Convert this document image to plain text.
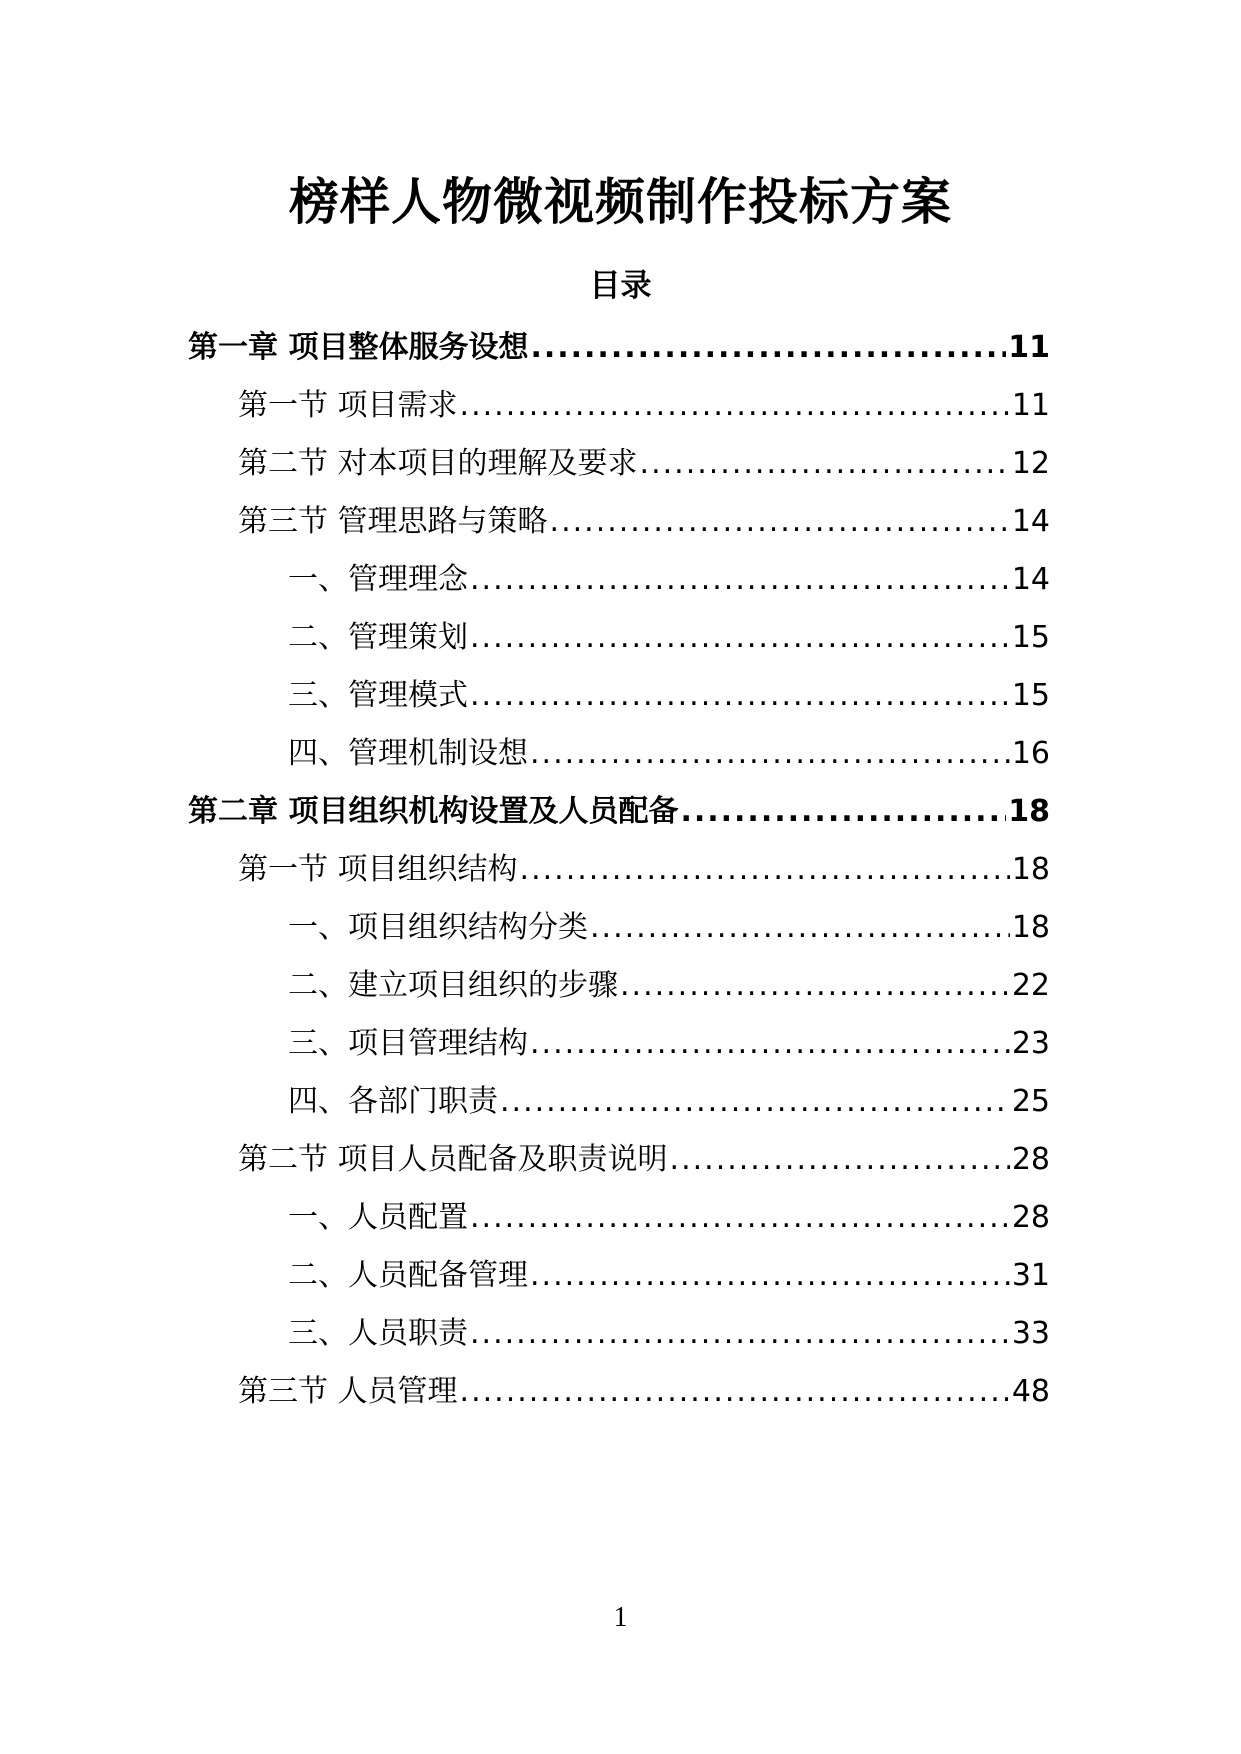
榜样人物微视频制作投标方案
目录
第一章 项目整体服务设想 .....	11
第一节 项目需求 .....	11
第二节 对本项目的理解及要求 .....	12
第三节 管理思路与策略 .....	14
一、管理理念 .....	14
二、管理策划 .....	15
三、管理模式 .....	15
四、管理机制设想 .....	16
第二章 项目组织机构设置及人员配备 .....	18
第一节 项目组织结构 .....	18
一、项目组织结构分类 .....	18
二、建立项目组织的步骤 .....	22
三、项目管理结构 .....	23
四、各部门职责 .....	25
第二节 项目人员配备及职责说明 .....	28
一、人员配置 .....	28
二、人员配备管理 .....	31
三、人员职责 .....	33
第三节 人员管理 .....	48
1
